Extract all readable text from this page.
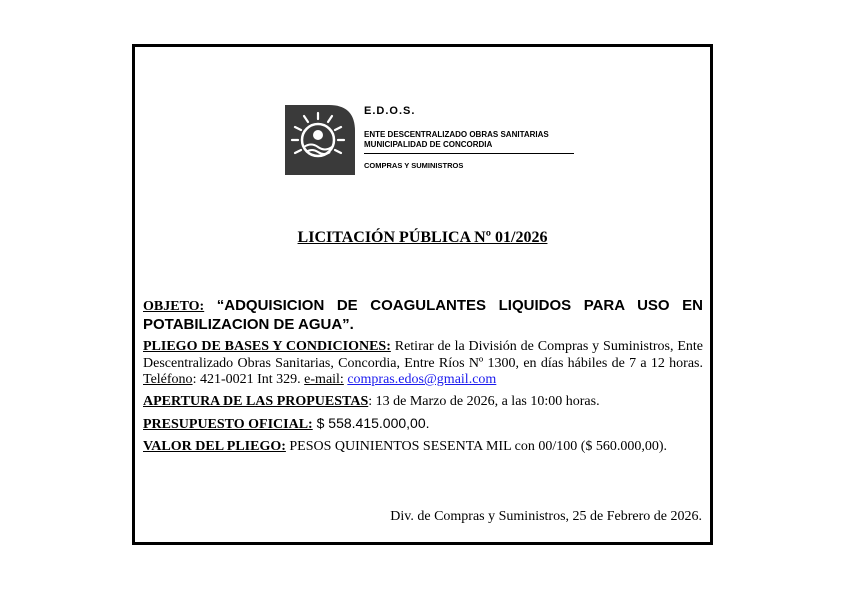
E.D.O.S.
ENTE DESCENTRALIZADO OBRAS SANITARIAS
MUNICIPALIDAD DE CONCORDIA
COMPRAS Y SUMINISTROS
LICITACIÓN PÚBLICA Nº 01/2026

OBJETO: “ADQUISICION DE COAGULANTES LIQUIDOS PARA USO EN POTABILIZACION DE AGUA”.

PLIEGO DE BASES Y CONDICIONES: Retirar de la División de Compras y Suministros, Ente Descentralizado Obras Sanitarias, Concordia, Entre Ríos Nº 1300, en días hábiles de 7 a 12 horas. Teléfono: 421-0021 Int 329. e-mail: compras.edos@gmail.com

APERTURA DE LAS PROPUESTAS: 13 de Marzo de 2026, a las 10:00 horas.

PRESUPUESTO OFICIAL: $ 558.415.000,00.

VALOR DEL PLIEGO: PESOS QUINIENTOS SESENTA MIL con 00/100 ($ 560.000,00).

Div. de Compras y Suministros, 25 de Febrero de 2026.
